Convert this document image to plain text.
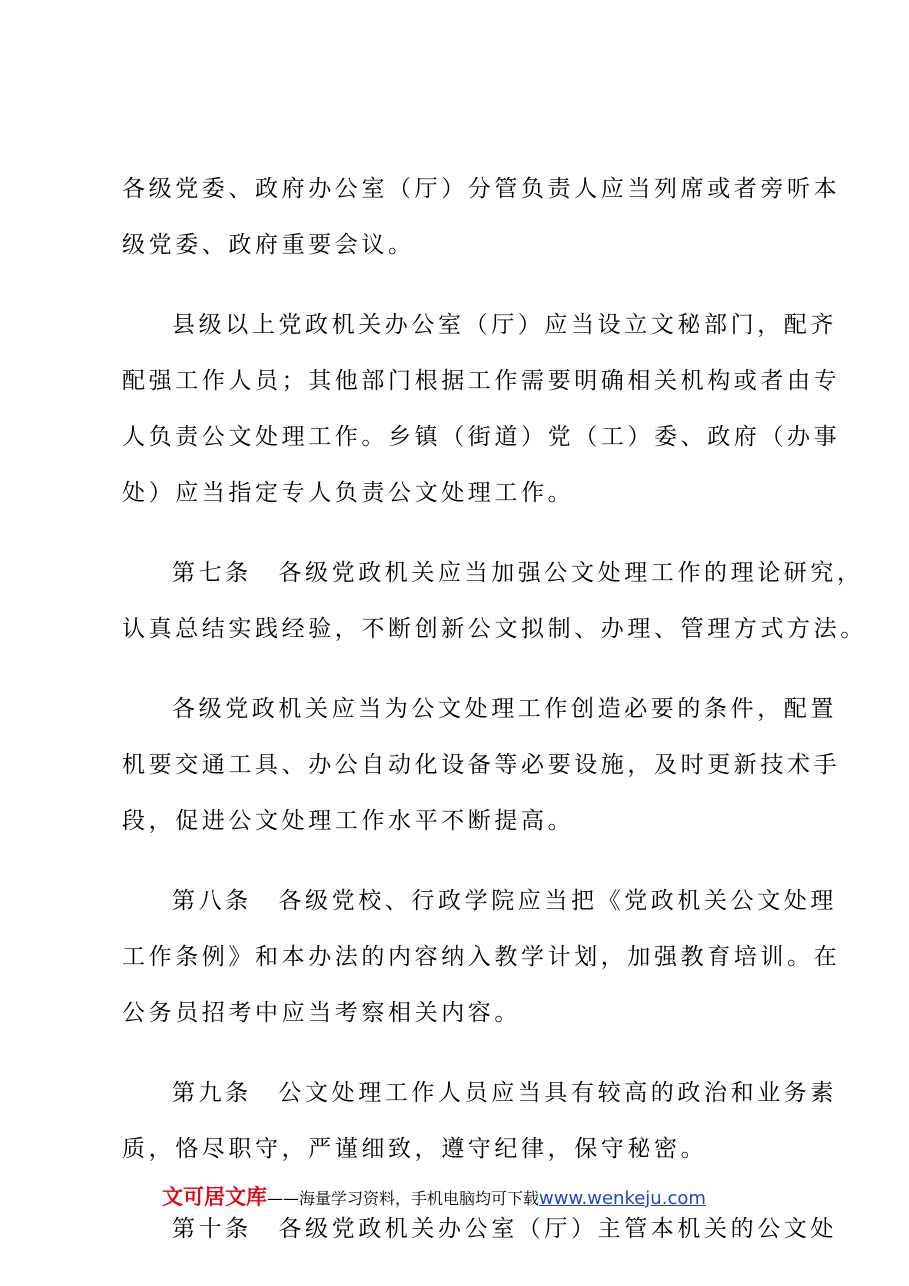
各级党委、政府办公室（厅）分管负责人应当列席或者旁听本
级党委、政府重要会议。
县级以上党政机关办公室（厅）应当设立文秘部门，配齐
配强工作人员；其他部门根据工作需要明确相关机构或者由专
人负责公文处理工作。乡镇（街道）党（工）委、政府（办事
处）应当指定专人负责公文处理工作。
第七条　各级党政机关应当加强公文处理工作的理论研究，
认真总结实践经验，不断创新公文拟制、办理、管理方式方法。
各级党政机关应当为公文处理工作创造必要的条件，配置
机要交通工具、办公自动化设备等必要设施，及时更新技术手
段，促进公文处理工作水平不断提高。
第八条　各级党校、行政学院应当把《党政机关公文处理
工作条例》和本办法的内容纳入教学计划，加强教育培训。在
公务员招考中应当考察相关内容。
第九条　公文处理工作人员应当具有较高的政治和业务素
质，恪尽职守，严谨细致，遵守纪律，保守秘密。
第十条　各级党政机关办公室（厅）主管本机关的公文处
文可居文库——海量学习资料，手机电脑均可下载www.wenkeju.com
